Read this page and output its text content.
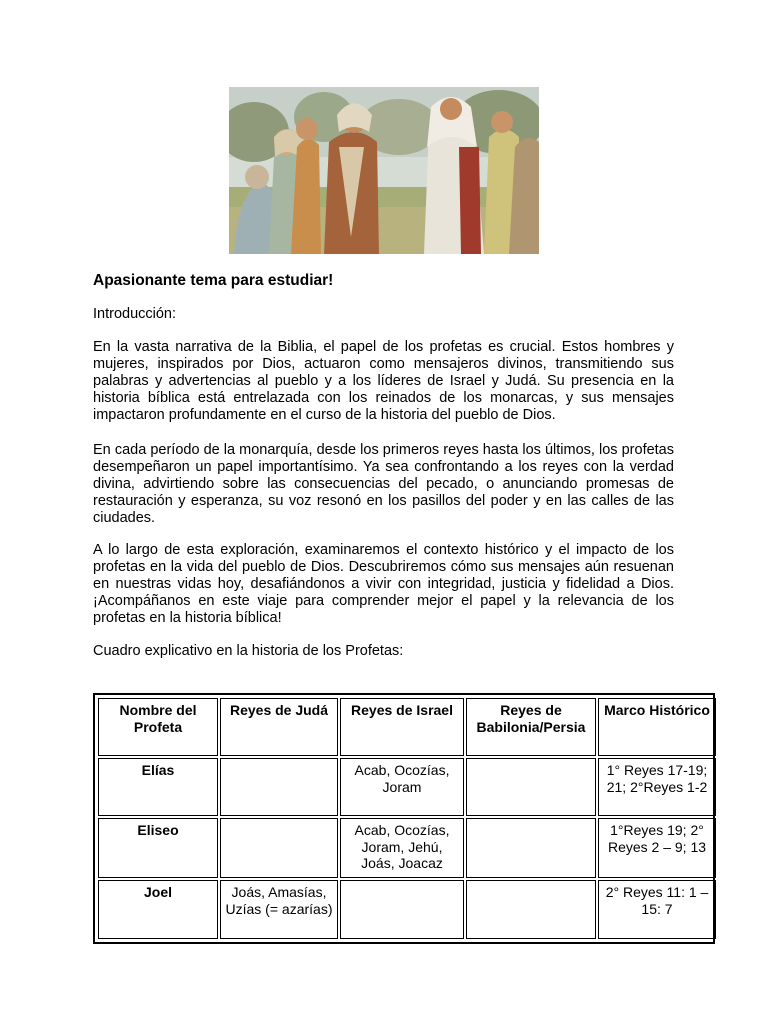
Apasionante tema para estudiar!

Introducción:

En la vasta narrativa de la Biblia, el papel de los profetas es crucial. Estos hombres y mujeres, inspirados por Dios, actuaron como mensajeros divinos, transmitiendo sus palabras y advertencias al pueblo y a los líderes de Israel y Judá. Su presencia en la historia bíblica está entrelazada con los reinados de los monarcas, y sus mensajes impactaron profundamente en el curso de la historia del pueblo de Dios.

En cada período de la monarquía, desde los primeros reyes hasta los últimos, los profetas desempeñaron un papel importantísimo. Ya sea confrontando a los reyes con la verdad divina, advirtiendo sobre las consecuencias del pecado, o anunciando promesas de restauración y esperanza, su voz resonó en los pasillos del poder y en las calles de las ciudades.

A lo largo de esta exploración, examinaremos el contexto histórico y el impacto de los profetas en la vida del pueblo de Dios. Descubriremos cómo sus mensajes aún resuenan en nuestras vidas hoy, desafiándonos a vivir con integridad, justicia y fidelidad a Dios. ¡Acompáñanos en este viaje para comprender mejor el papel y la relevancia de los profetas en la historia bíblica!

Cuadro explicativo en la historia de los Profetas:

Nombre del Profeta	Reyes de Judá	Reyes de Israel	Reyes de Babilonia/Persia	Marco Histórico
Elías		Acab, Ocozías, Joram		1° Reyes 17-19; 21; 2°Reyes 1-2
Eliseo		Acab, Ocozías, Joram, Jehú, Joás, Joacaz		1°Reyes 19; 2° Reyes 2 – 9; 13
Joel	Joás, Amasías, Uzías (= azarías)			2° Reyes 11: 1 – 15: 7
